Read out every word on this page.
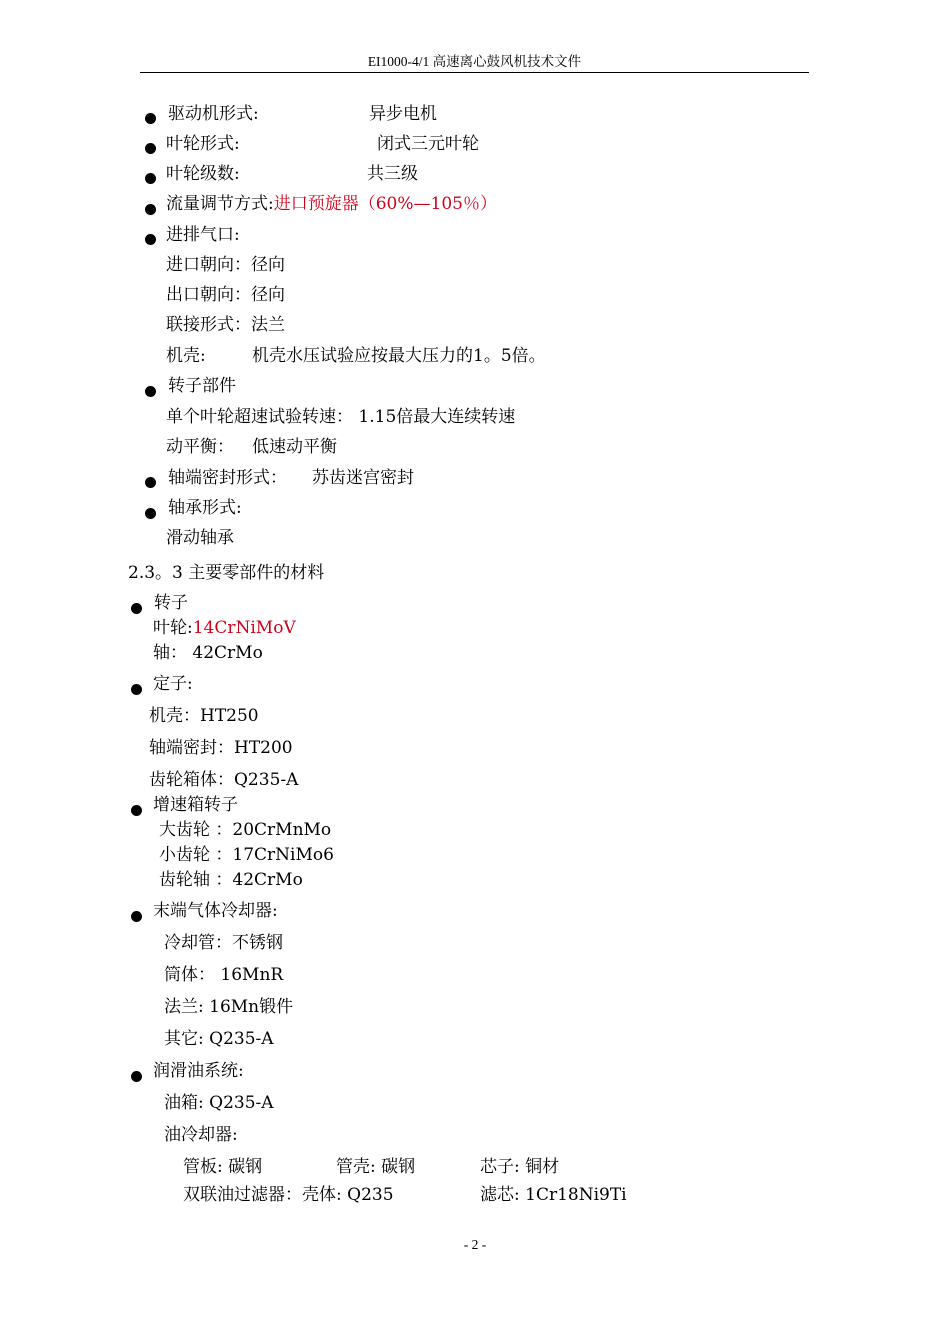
EI1000-4/1 高速离心鼓风机技术文件
驱动机形式:	异步电机
叶轮形式:	闭式三元叶轮
叶轮级数:	共三级
流量调节方式:进口预旋器（60%—105％）
进排气口:
进口朝向：径向
出口朝向：径向
联接形式：法兰
机壳:	机壳水压试验应按最大压力的1。5倍。
转子部件
单个叶轮超速试验转速： 1.15倍最大连续转速
动平衡： 低速动平衡
轴端密封形式： 苏齿迷宫密封
轴承形式:
滑动轴承
2.3。3 主要零部件的材料
转子
叶轮:14CrNiMoV
轴： 42CrMo
定子:
机壳：HT250
轴端密封：HT200
齿轮箱体：Q235-A
增速箱转子
大齿轮 ：20CrMnMo
小齿轮 ：17CrNiMo6
齿轮轴 ：42CrMo
末端气体冷却器:
冷却管：不锈钢
筒体： 16MnR
法兰: 16Mn锻件
其它: Q235-A
润滑油系统:
油箱: Q235-A
油冷却器:
管板: 碳钢	管壳: 碳钢	芯子: 铜材
双联油过滤器：壳体: Q235	滤芯: 1Cr18Ni9Ti
- 2 -
